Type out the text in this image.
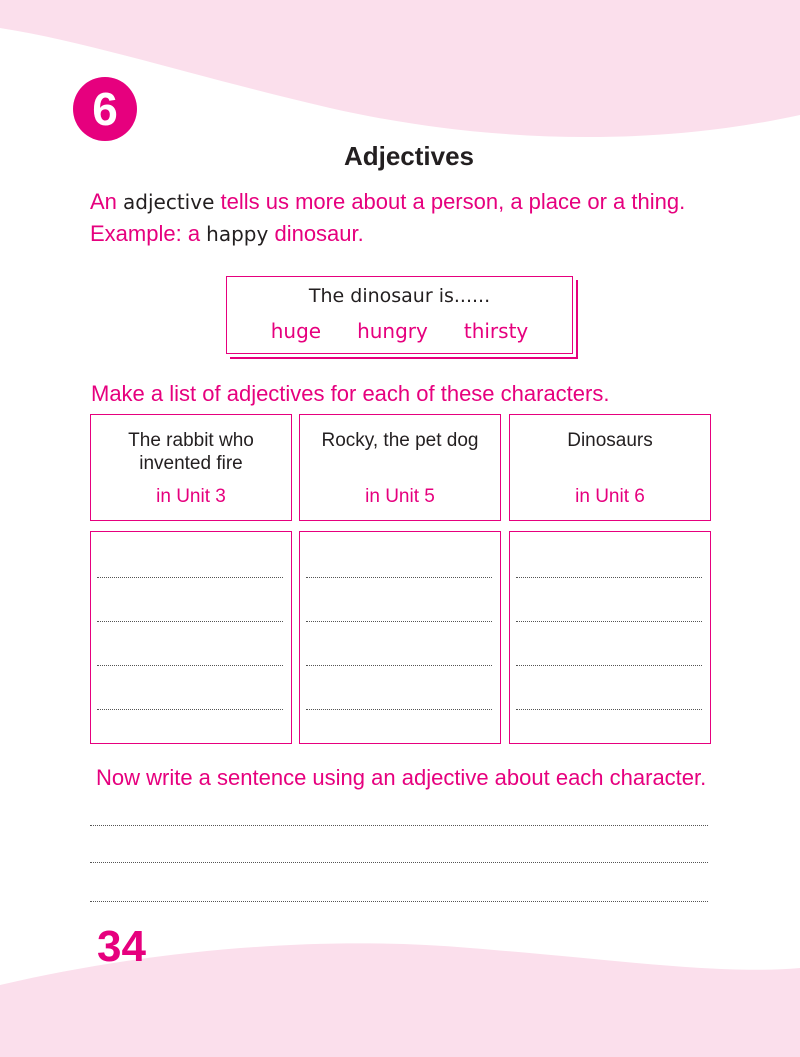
6
Adjectives
An adjective tells us more about a person, a place or a thing. Example: a happy dinosaur.
The dinosaur is......
huge hungry thirsty
Make a list of adjectives for each of these characters.
The rabbit who invented fire
in Unit 3
Rocky, the pet dog
in Unit 5
Dinosaurs
in Unit 6
Now write a sentence using an adjective about each character.
34
